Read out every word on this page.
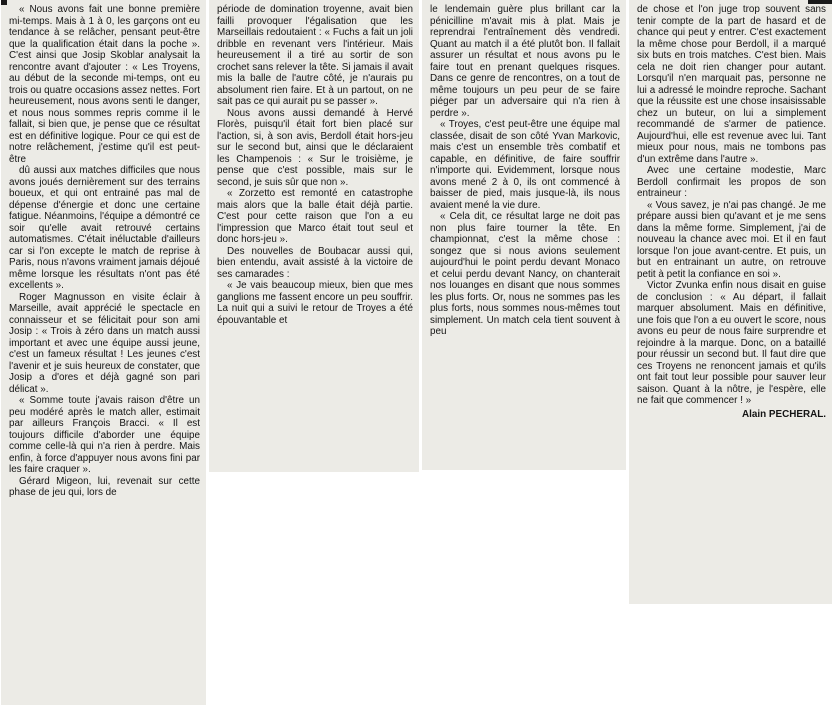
« Nous avons fait une bonne première mi-temps. Mais à 1 à 0, les garçons ont eu tendance à se relâcher, pensant peut-être que la qualification était dans la poche ». C'est ainsi que Josip Skoblar analysait la rencontre avant d'ajouter : « Les Troyens, au début de la seconde mi-temps, ont eu trois ou quatre occasions assez nettes. Fort heureusement, nous avons senti le danger, et nous nous sommes repris comme il le fallait, si bien que, je pense que ce résultat est en définitive logique. Pour ce qui est de notre relâchement, j'estime qu'il est peut-être

dû aussi aux matches difficiles que nous avons joués dernièrement sur des terrains boueux, et qui ont entrainé pas mal de dépense d'énergie et donc une certaine fatigue. Néanmoins, l'équipe a démontré ce soir qu'elle avait retrouvé certains automatismes. C'était inéluctable d'ailleurs car si l'on excepte le match de reprise à Paris, nous n'avons vraiment jamais déjoué même lorsque les résultats n'ont pas été excellents ».

Roger Magnusson en visite éclair à Marseille, avait apprécié le spectacle en connaisseur et se félicitait pour son ami Josip : « Trois à zéro dans un match aussi important et avec une équipe aussi jeune, c'est un fameux résultat ! Les jeunes c'est l'avenir et je suis heureux de constater, que Josip a d'ores et déjà gagné son pari délicat ».

« Somme toute j'avais raison d'être un peu modéré après le match aller, estimait par ailleurs François Bracci. « Il est toujours difficile d'aborder une équipe comme celle-là qui n'a rien à perdre. Mais enfin, à force d'appuyer nous avons fini par les faire craquer ».

Gérard Migeon, lui, revenait sur cette phase de jeu qui, lors de

période de domination troyenne, avait bien failli provoquer l'égalisation que les Marseillais redoutaient : « Fuchs a fait un joli dribble en revenant vers l'intérieur. Mais heureusement il a tiré au sortir de son crochet sans relever la tête. Si jamais il avait mis la balle de l'autre côté, je n'aurais pu absolument rien faire. Et à un partout, on ne sait pas ce qui aurait pu se passer ».

Nous avons aussi demandé à Hervé Florès, puisqu'il était fort bien placé sur l'action, si, à son avis, Berdoll était hors-jeu sur le second but, ainsi que le déclaraient les Champenois : « Sur le troisième, je pense que c'est possible, mais sur le second, je suis sûr que non ».

« Zorzetto est remonté en catastrophe mais alors que la balle était déjà partie. C'est pour cette raison que l'on a eu l'impression que Marco était tout seul et donc hors-jeu ».

Des nouvelles de Boubacar aussi qui, bien entendu, avait assisté à la victoire de ses camarades :

« Je vais beaucoup mieux, bien que mes ganglions me fassent encore un peu souffrir. La nuit qui a suivi le retour de Troyes a été épouvantable et

le lendemain guère plus brillant car la pénicilline m'avait mis à plat. Mais je reprendrai l'entraînement dès vendredi. Quant au match il a été plutôt bon. Il fallait assurer un résultat et nous avons pu le faire tout en prenant quelques risques. Dans ce genre de rencontres, on a tout de même toujours un peu peur de se faire piéger par un adversaire qui n'a rien à perdre ».

« Troyes, c'est peut-être une équipe mal classée, disait de son côté Yvan Markovic, mais c'est un ensemble très combatif et capable, en définitive, de faire souffrir n'importe qui. Evidemment, lorsque nous avons mené 2 à 0, ils ont commencé à baisser de pied, mais jusque-là, ils nous avaient mené la vie dure.

« Cela dit, ce résultat large ne doit pas non plus faire tourner la tête. En championnat, c'est la même chose : songez que si nous avions seulement aujourd'hui le point perdu devant Monaco et celui perdu devant Nancy, on chanterait nos louanges en disant que nous sommes les plus forts. Or, nous ne sommes pas les plus forts, nous sommes nous-mêmes tout simplement. Un match cela tient souvent à peu

de chose et l'on juge trop souvent sans tenir compte de la part de hasard et de chance qui peut y entrer. C'est exactement la même chose pour Berdoll, il a marqué six buts en trois matches. C'est bien. Mais cela ne doit rien changer pour autant. Lorsqu'il n'en marquait pas, personne ne lui a adressé le moindre reproche. Sachant que la réussite est une chose insaisissable chez un buteur, on lui a simplement recommandé de s'armer de patience. Aujourd'hui, elle est revenue avec lui. Tant mieux pour nous, mais ne tombons pas d'un extrême dans l'autre ».

Avec une certaine modestie, Marc Berdoll confirmait les propos de son entraineur :

« Vous savez, je n'ai pas changé. Je me prépare aussi bien qu'avant et je me sens dans la même forme. Simplement, j'ai de nouveau la chance avec moi. Et il en faut lorsque l'on joue avant-centre. Et puis, un but en entrainant un autre, on retrouve petit à petit la confiance en soi ».

Victor Zvunka enfin nous disait en guise de conclusion : « Au départ, il fallait marquer absolument. Mais en définitive, une fois que l'on a eu ouvert le score, nous avons eu peur de nous faire surprendre et rejoindre à la marque. Donc, on a bataillé pour réussir un second but. Il faut dire que ces Troyens ne renoncent jamais et qu'ils ont fait tout leur possible pour sauver leur saison. Quant à la nôtre, je l'espère, elle ne fait que commencer ! »

Alain PECHERAL.
